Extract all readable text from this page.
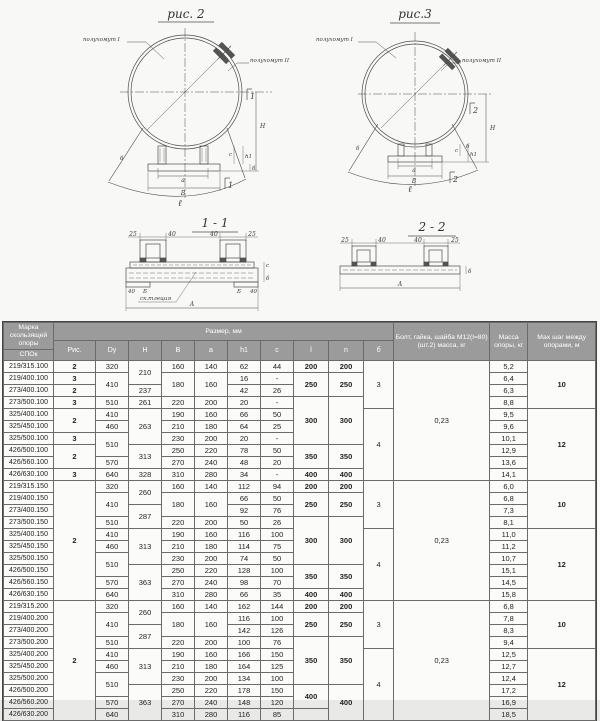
рис. 2
полухомут I
полухомут II
a
B
б
ℓ
H
c h1
б
1
1
рис.3
полухомут I
полухомут II
a
B
б	б
ℓ
H
c
h1
2
2
1 - 1
25	40	40	25
40 Б	Б 40
ск.тлеция
А
c
б
2 - 2
25	40	40	25
А
б
Марка скользящей опоры
СПОк	Размер, мм										Болт, гайка, шайба М12(l=80) (шт.2) масса, кг	Масса опоры, кг	Мах шаг между опорами, м
	Рис.	Dy	H	B	a	h1	c	l	n	б			
219/315.100	2	320	210	160	140	62	44	200	200	3	0,23	5,2	10
219/400.100	3	410		180	160	16	-	250	250			6,4	
273/400.100	2		237			42	26					6,3	
273/500.100	3	510	261	220	200	20	-	300	300			8,8	
325/400.100	2	410	263	190	160	66	50			4		9,5	12
325/450.100		460		210	180	64	25					9,6	
325/500.100	3	510		230	200	20	-					10,1	
426/500.100	2		313	250	220	78	50	350	350			12,9	
426/560.100		570		270	240	48	20					13,6	
426/630.100	3	640	328	310	280	34	-	400	400			14,1	
219/315.150	2	320	260	160	140	112	94	200	200	3	0,23	6,0	10
219/400.150		410		180	160	66	50	250	250			6,8	
273/400.150			287			92	76					7,3	
273/500.150		510		220	200	50	26	300	300			8,1	
325/400.150		410	313	190	160	116	100			4		11,0	12
325/450.150		460		210	180	114	75					11,2	
325/500.150		510		230	200	74	50					10,7	
426/500.150			363	250	220	128	100	350	350			15,1	
426/560.150		570		270	240	98	70					14,5	
426/630.150		640		310	280	66	35	400	400			15,8	
219/315.200	2	320	260	160	140	162	144	200	200	3	0,23	6,8	10
219/400.200		410		180	160	116	100	250	250			7,8	
273/400.200			287			142	126					8,3	
273/500.200		510		220	200	100	76	350	350			9,4	
325/400.200		410	313	190	160	166	150			4		12,5	12
325/450.200		460		210	180	164	125					12,7	
325/500.200		510		230	200	134	100					12,4	
426/500.200			363	250	220	178	150	400	400			17,2	
426/560.200		570		270	240	148	120					16,9	
426/630.200		640		310	280	116	85					18,5	
